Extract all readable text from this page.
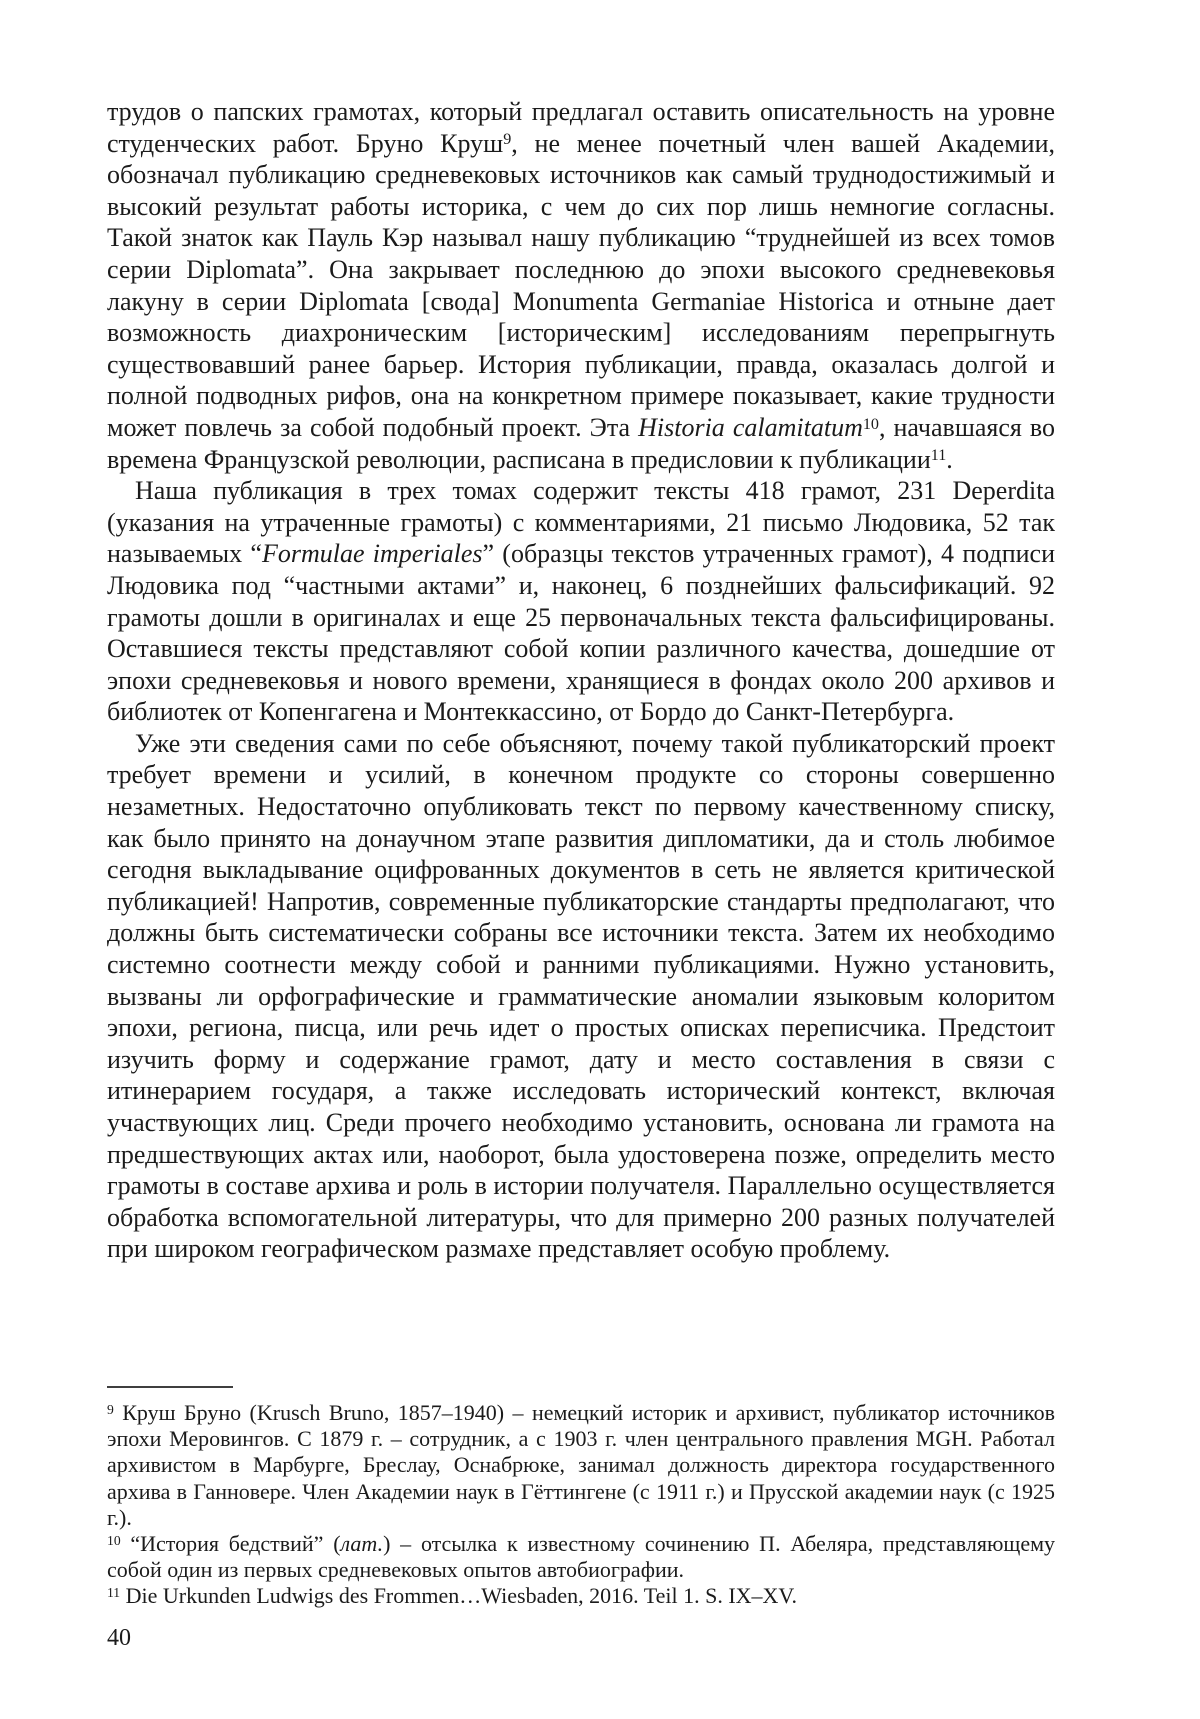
трудов о папских грамотах, который предлагал оставить описательность на уровне студенческих работ. Бруно Круш$^9$, не менее почетный член вашей Академии, обозначал публикацию средневековых источников как самый труднодостижимый и высокий результат работы историка, с чем до сих пор лишь немногие согласны. Такой знаток как Пауль Кэр называл нашу публикацию “труднейшей из всех томов серии Diplomata”. Она закрывает последнюю до эпохи высокого средневековья лакуну в серии Diplomata [свода] Monumenta Germaniae Historica и отныне дает возможность диахроническим [историческим] исследованиям перепрыгнуть существовавший ранее барьер. История публикации, правда, оказалась долгой и полной подводных рифов, она на конкретном примере показывает, какие трудности может повлечь за собой подобный проект. Эта Historia calamitatum$^{10}$, начавшаяся во времена Французской революции, расписана в предисловии к публикации$^{11}$.

Наша публикация в трех томах содержит тексты 418 грамот, 231 Deperdita (указания на утраченные грамоты) с комментариями, 21 письмо Людовика, 52 так называемых “Formulae imperiales” (образцы текстов утраченных грамот), 4 подписи Людовика под “частными актами” и, наконец, 6 позднейших фальсификаций. 92 грамоты дошли в оригиналах и еще 25 первоначальных текста фальсифицированы. Оставшиеся тексты представляют собой копии различного качества, дошедшие от эпохи средневековья и нового времени, хранящиеся в фондах около 200 архивов и библиотек от Копенгагена и Монтеккассино, от Бордо до Санкт-Петербурга.

Уже эти сведения сами по себе объясняют, почему такой публикаторский проект требует времени и усилий, в конечном продукте со стороны совершенно незаметных. Недостаточно опубликовать текст по первому качественному списку, как было принято на донаучном этапе развития дипломатики, да и столь любимое сегодня выкладывание оцифрованных документов в сеть не является критической публикацией! Напротив, современные публикаторские стандарты предполагают, что должны быть систематически собраны все источники текста. Затем их необходимо системно соотнести между собой и ранними публикациями. Нужно установить, вызваны ли орфографические и грамматические аномалии языковым колоритом эпохи, региона, писца, или речь идет о простых описках переписчика. Предстоит изучить форму и содержание грамот, дату и место составления в связи с итинерарием государя, а также исследовать исторический контекст, включая участвующих лиц. Среди прочего необходимо установить, основана ли грамота на предшествующих актах или, наоборот, была удостоверена позже, определить место грамоты в составе архива и роль в истории получателя. Параллельно осуществляется обработка вспомогательной литературы, что для примерно 200 разных получателей при широком географическом размахе представляет особую проблему.

$^9$ Круш Бруно (Krusch Bruno, 1857–1940) – немецкий историк и архивист, публикатор источников эпохи Меровингов. С 1879 г. – сотрудник, а с 1903 г. член центрального правления MGH. Работал архивистом в Марбурге, Бреслау, Оснабрюке, занимал должность директора государственного архива в Ганновере. Член Академии наук в Гёттингене (с 1911 г.) и Прусской академии наук (с 1925 г.).

$^{10}$ “История бедствий” (лат.) – отсылка к известному сочинению П. Абеляра, представляющему собой один из первых средневековых опытов автобиографии.

$^{11}$ Die Urkunden Ludwigs des Frommen…Wiesbaden, 2016. Teil 1. S. IX–XV.

40
